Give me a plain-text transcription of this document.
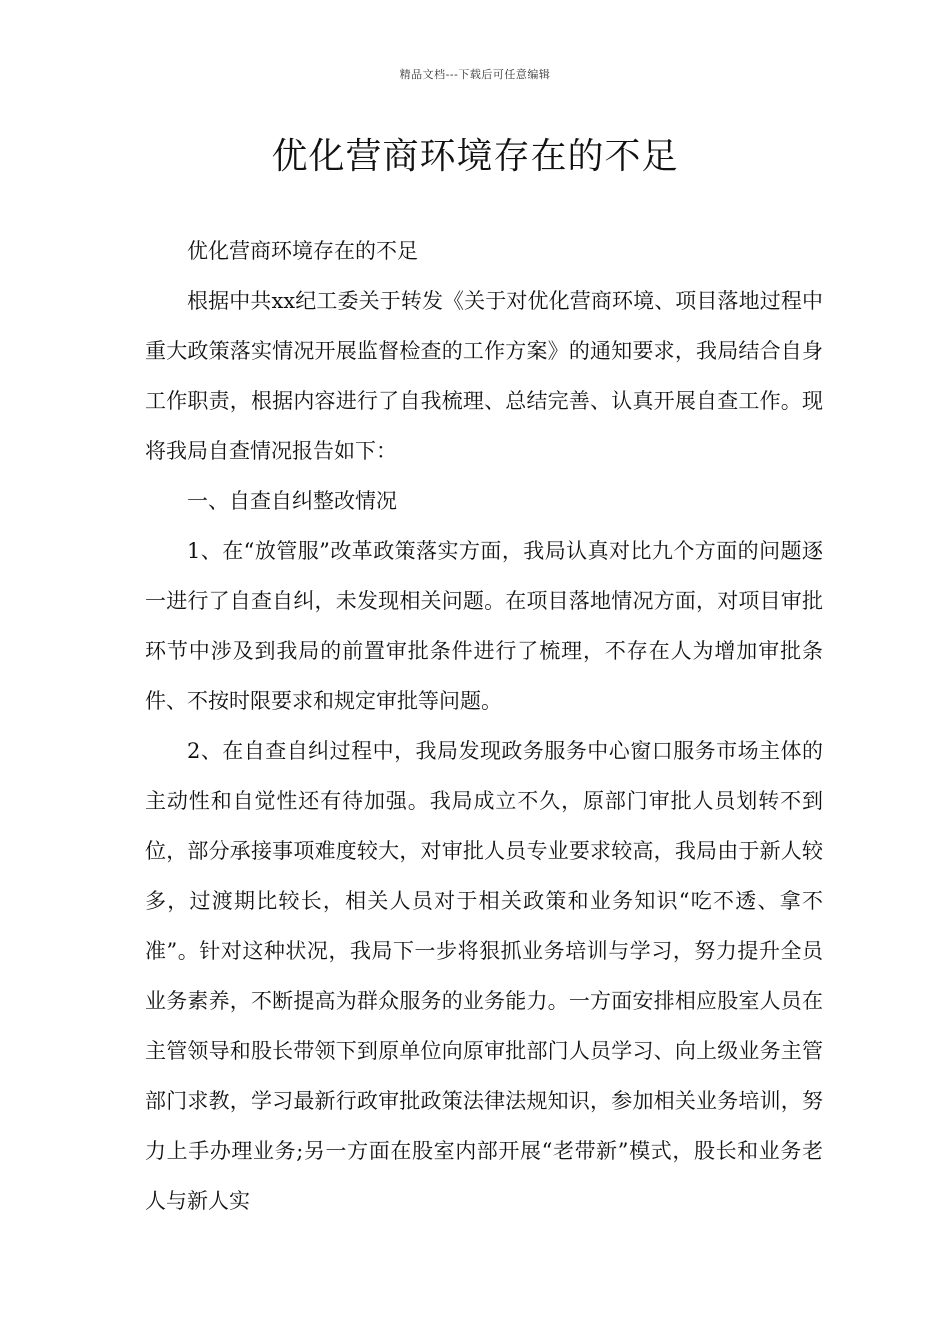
精品文档---下载后可任意编辑
优化营商环境存在的不足

优化营商环境存在的不足

根据中共xx纪工委关于转发《关于对优化营商环境、项目落地过程中重大政策落实情况开展监督检查的工作方案》的通知要求，我局结合自身工作职责，根据内容进行了自我梳理、总结完善、认真开展自查工作。现将我局自查情况报告如下：

一、自查自纠整改情况

1、在“放管服”改革政策落实方面，我局认真对比九个方面的问题逐一进行了自查自纠，未发现相关问题。在项目落地情况方面，对项目审批环节中涉及到我局的前置审批条件进行了梳理，不存在人为增加审批条件、不按时限要求和规定审批等问题。

2、在自查自纠过程中，我局发现政务服务中心窗口服务市场主体的主动性和自觉性还有待加强。我局成立不久，原部门审批人员划转不到位，部分承接事项难度较大，对审批人员专业要求较高，我局由于新人较多，过渡期比较长，相关人员对于相关政策和业务知识“吃不透、拿不准”。针对这种状况，我局下一步将狠抓业务培训与学习，努力提升全员业务素养，不断提高为群众服务的业务能力。一方面安排相应股室人员在主管领导和股长带领下到原单位向原审批部门人员学习、向上级业务主管部门求教，学习最新行政审批政策法律法规知识，参加相关业务培训，努力上手办理业务;另一方面在股室内部开展“老带新”模式，股长和业务老人与新人实
